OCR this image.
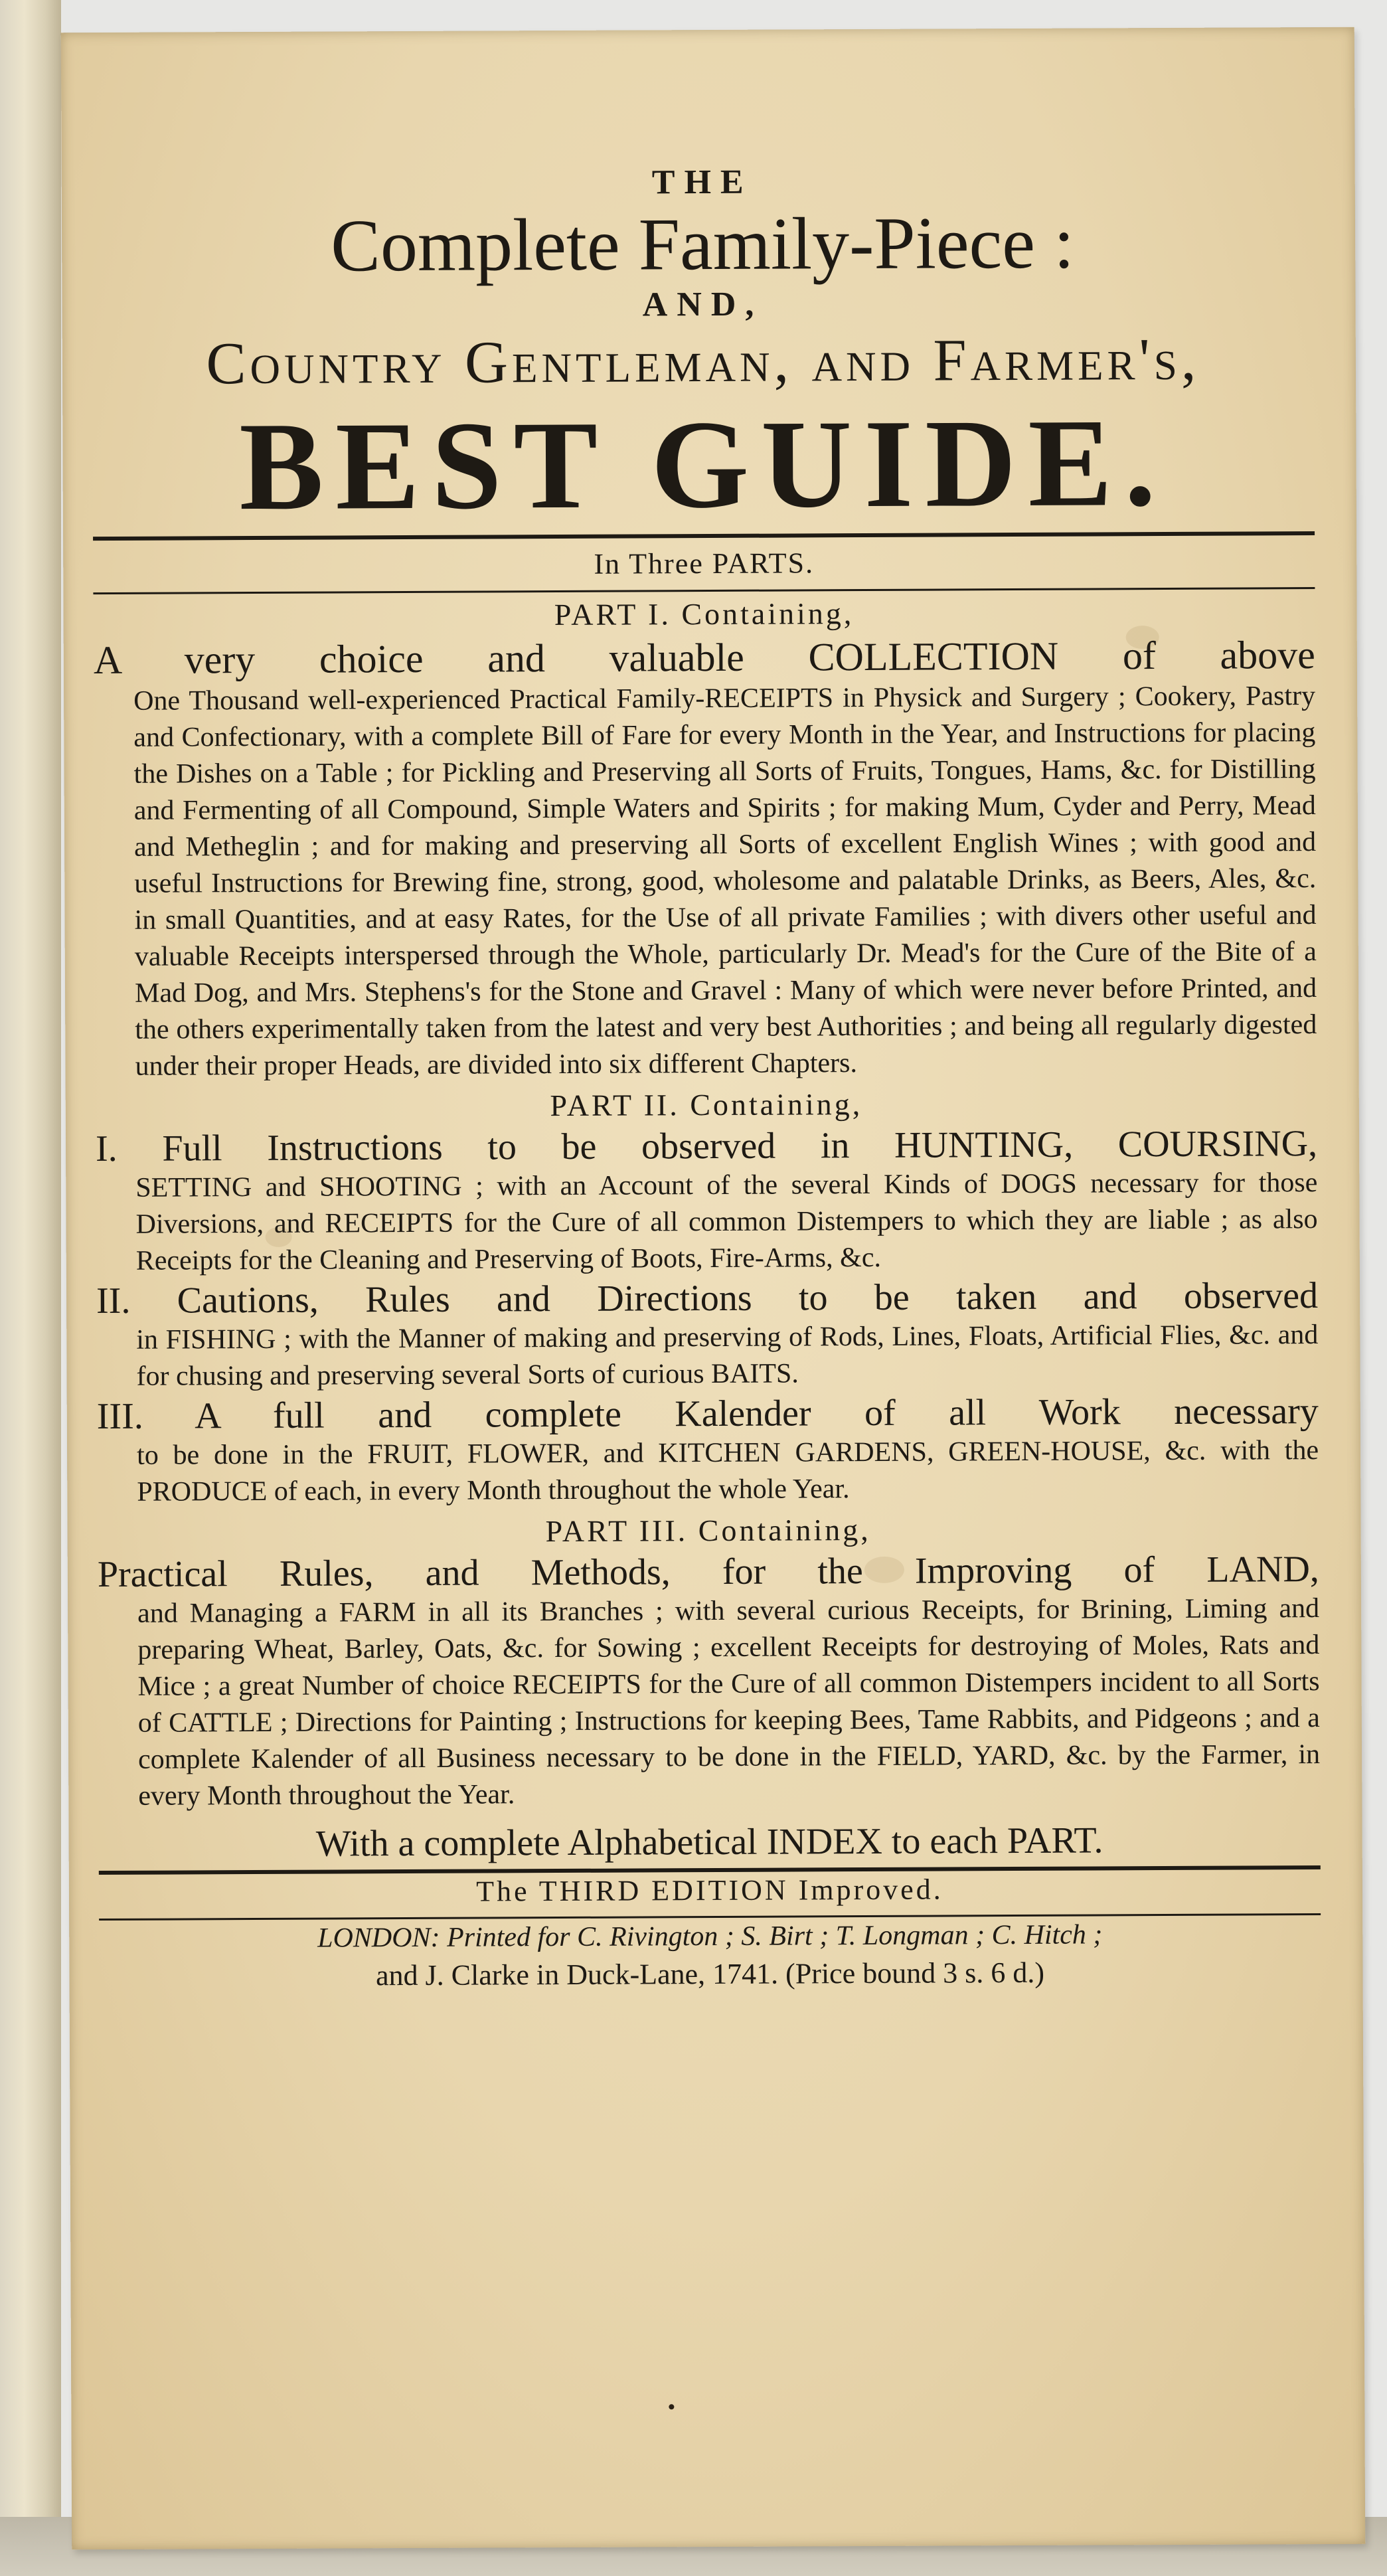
THE
Complete Family-Piece :
AND,
Country Gentleman, and Farmer's,
BEST GUIDE.
In Three PARTS.
PART I. Containing,
A very choice and valuable COLLECTION of above
One Thousand well-experienced Practical Family-RECEIPTS in Physick and Surgery ; Cookery, Pastry and Confectionary, with a complete Bill of Fare for every Month in the Year, and Instructions for placing the Dishes on a Table ; for Pickling and Preserving all Sorts of Fruits, Tongues, Hams, &c. for Distilling and Fermenting of all Compound, Simple Waters and Spirits ; for making Mum, Cyder and Perry, Mead and Metheglin ; and for making and preserving all Sorts of excellent English Wines ; with good and useful Instructions for Brewing fine, strong, good, wholesome and palatable Drinks, as Beers, Ales, &c. in small Quantities, and at easy Rates, for the Use of all private Families ; with divers other useful and valuable Receipts interspersed through the Whole, particularly Dr. Mead's for the Cure of the Bite of a Mad Dog, and Mrs. Stephens's for the Stone and Gravel : Many of which were never before Printed, and the others experimentally taken from the latest and very best Authorities ; and being all regularly digested under their proper Heads, are divided into six different Chapters.
PART II. Containing,
I. Full Instructions to be observed in HUNTING, COURSING,
SETTING and SHOOTING ; with an Account of the several Kinds of DOGS necessary for those Diversions, and RECEIPTS for the Cure of all common Distempers to which they are liable ; as also Receipts for the Cleaning and Preserving of Boots, Fire-Arms, &c.
II. Cautions, Rules and Directions to be taken and observed
in FISHING ; with the Manner of making and preserving of Rods, Lines, Floats, Artificial Flies, &c. and for chusing and preserving several Sorts of curious BAITS.
III. A full and complete Kalender of all Work necessary
to be done in the FRUIT, FLOWER, and KITCHEN GARDENS, GREEN-HOUSE, &c. with the PRODUCE of each, in every Month throughout the whole Year.
PART III. Containing,
Practical Rules, and Methods, for the Improving of LAND,
and Managing a FARM in all its Branches ; with several curious Receipts, for Brining, Liming and preparing Wheat, Barley, Oats, &c. for Sowing ; excellent Receipts for destroying of Moles, Rats and Mice ; a great Number of choice RECEIPTS for the Cure of all common Distempers incident to all Sorts of CATTLE ; Directions for Painting ; Instructions for keeping Bees, Tame Rabbits, and Pidgeons ; and a complete Kalender of all Business necessary to be done in the FIELD, YARD, &c. by the Farmer, in every Month throughout the Year.
With a complete Alphabetical INDEX to each PART.
The THIRD EDITION Improved.
LONDON: Printed for C. Rivington ; S. Birt ; T. Longman ; C. Hitch ;
and J. Clarke in Duck-Lane, 1741. (Price bound 3 s. 6 d.)
